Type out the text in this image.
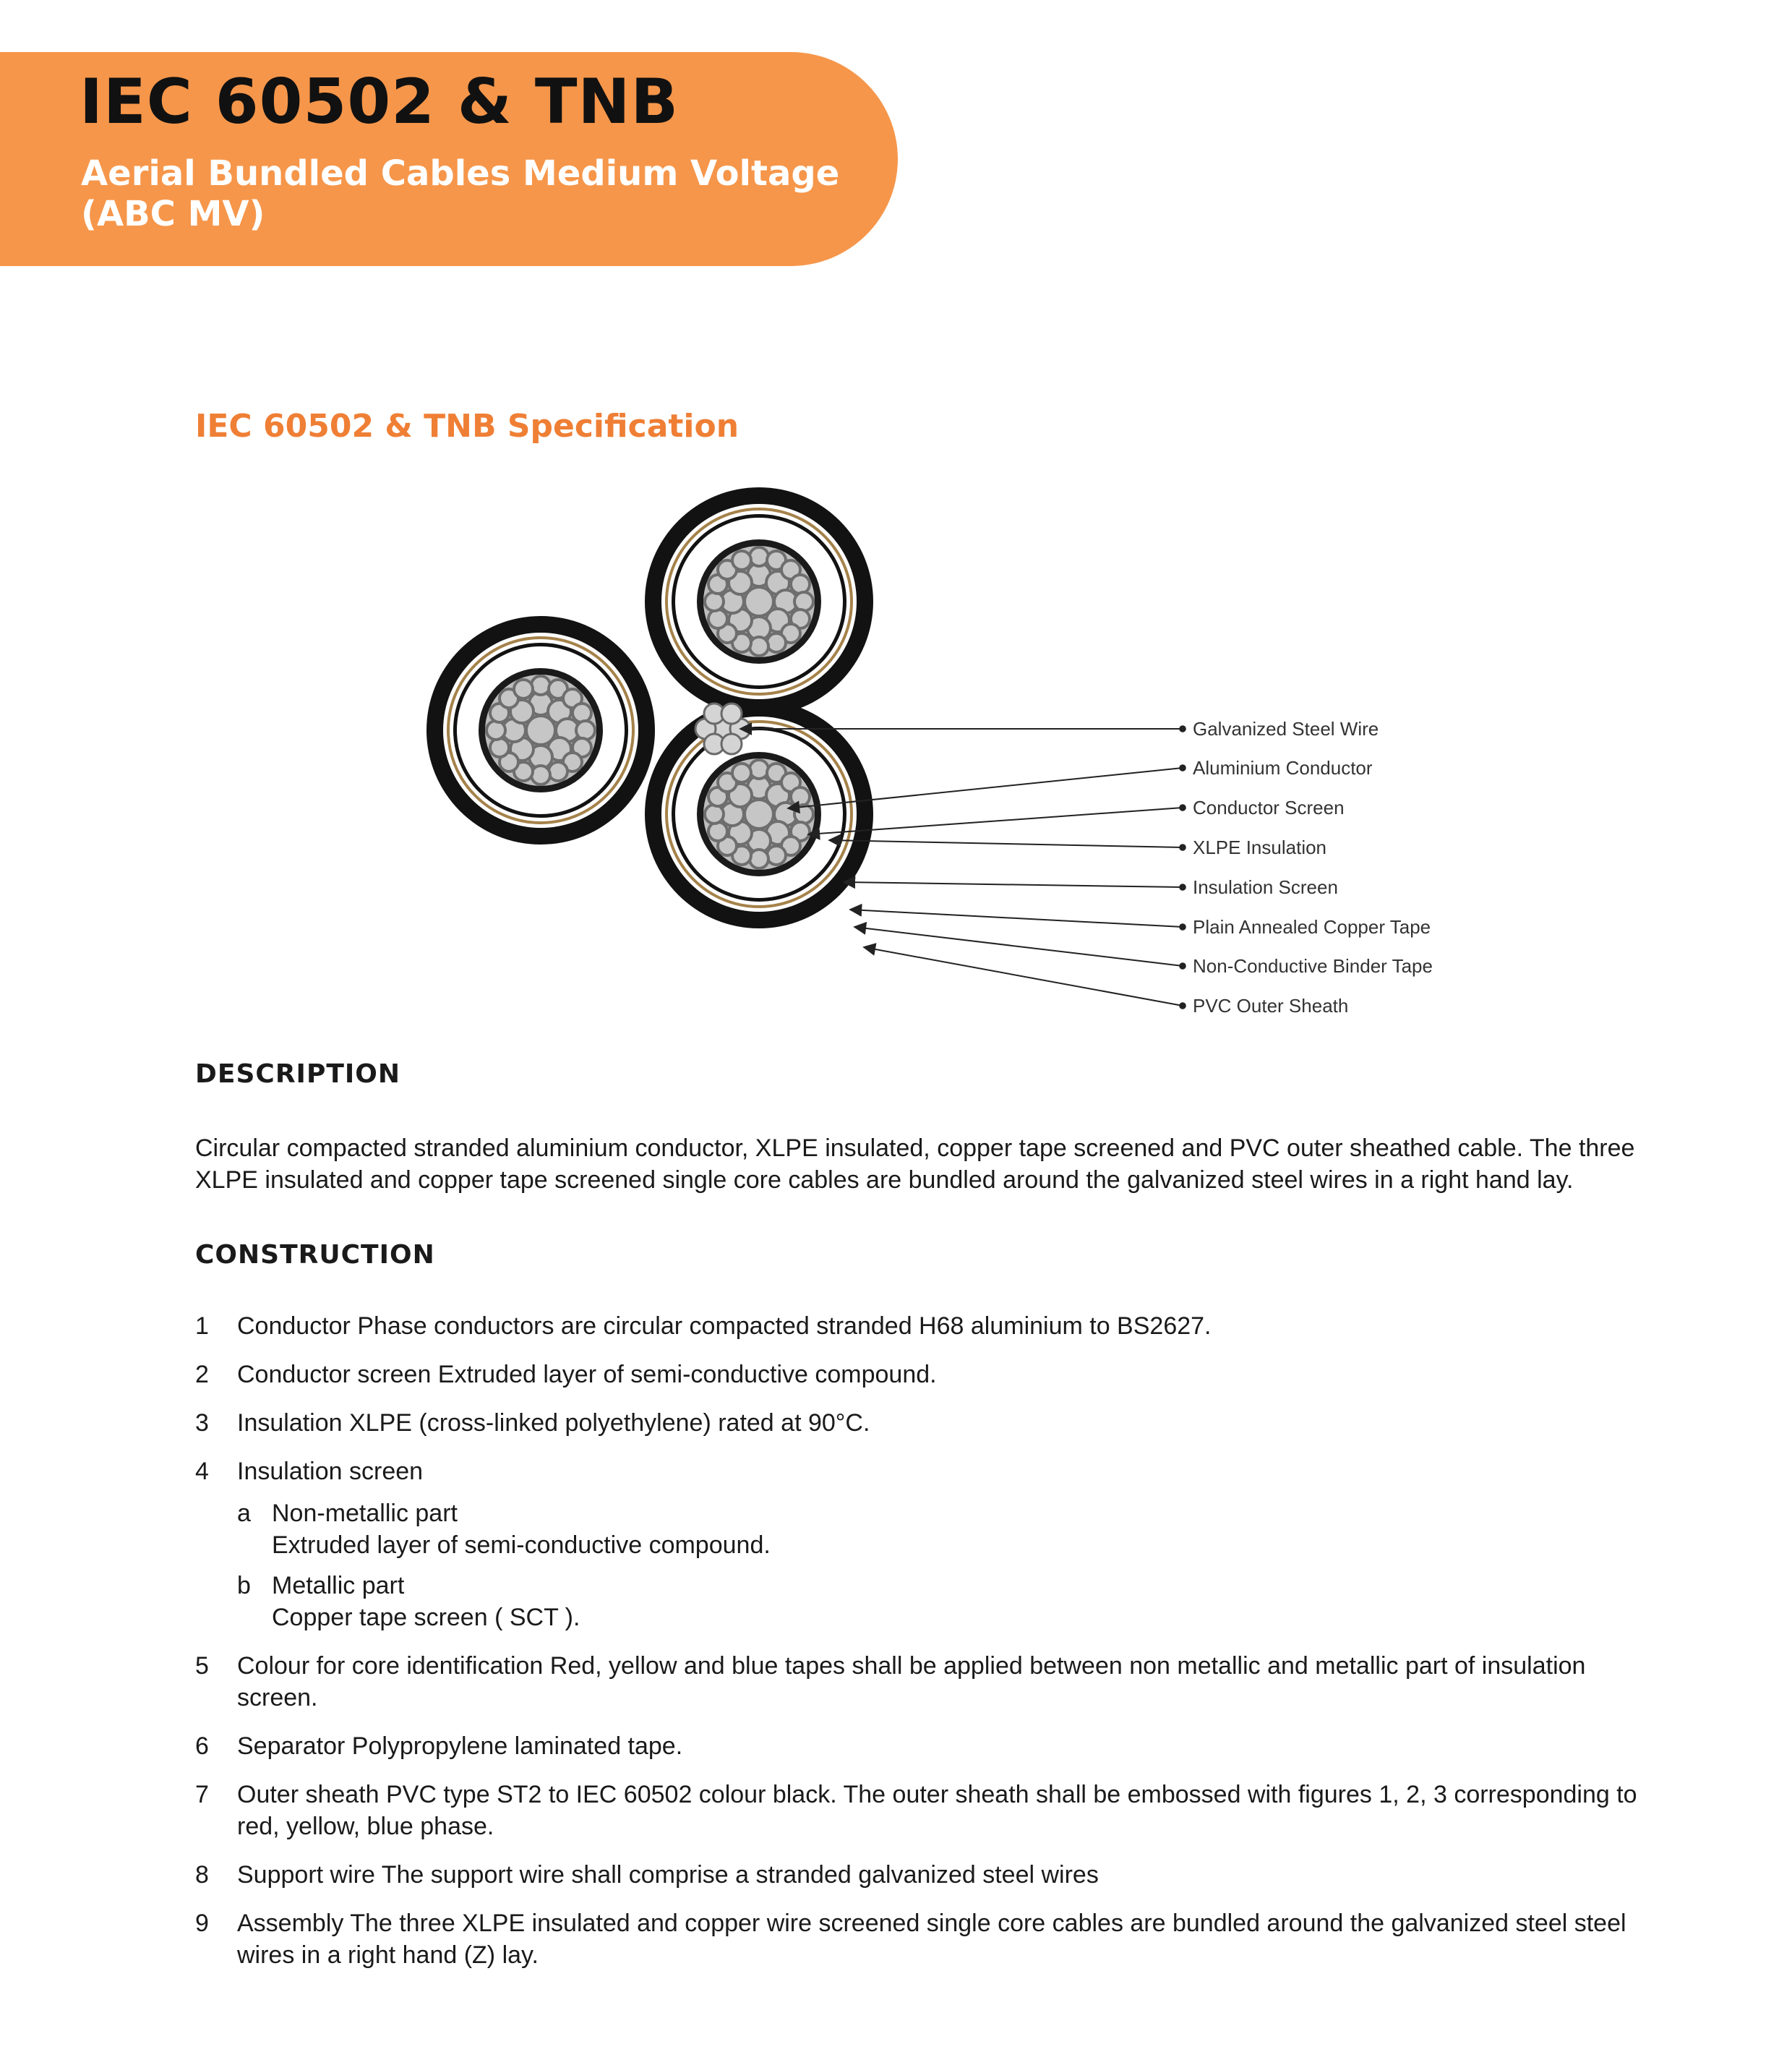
IEC 60502 & TNB
Aerial Bundled Cables Medium Voltage
(ABC MV)
IEC 60502 & TNB Specification
Galvanized Steel Wire
Aluminium Conductor
Conductor Screen
XLPE Insulation
Insulation Screen
Plain Annealed Copper Tape
Non-Conductive Binder Tape
PVC Outer Sheath
DESCRIPTION

Circular compacted stranded aluminium conductor, XLPE insulated, copper tape screened and PVC outer sheathed cable. The three XLPE insulated and copper tape screened single core cables are bundled around the galvanized steel wires in a right hand lay.

CONSTRUCTION
1 Conductor Phase conductors are circular compacted stranded H68 aluminium to BS2627.
2 Conductor screen Extruded layer of semi-conductive compound.
3 Insulation XLPE (cross-linked polyethylene) rated at 90°C.
4 Insulation screen
a Non-metallic part
Extruded layer of semi-conductive compound.
b Metallic part
Copper tape screen ( SCT ).
5 Colour for core identification Red, yellow and blue tapes shall be applied between non metallic and metallic part of insulation screen.
6 Separator Polypropylene laminated tape.
7 Outer sheath PVC type ST2 to IEC 60502 colour black. The outer sheath shall be embossed with figures 1, 2, 3 corresponding to red, yellow, blue phase.
8 Support wire The support wire shall comprise a stranded galvanized steel wires
9 Assembly The three XLPE insulated and copper wire screened single core cables are bundled around the galvanized steel steel wires in a right hand (Z) lay.
